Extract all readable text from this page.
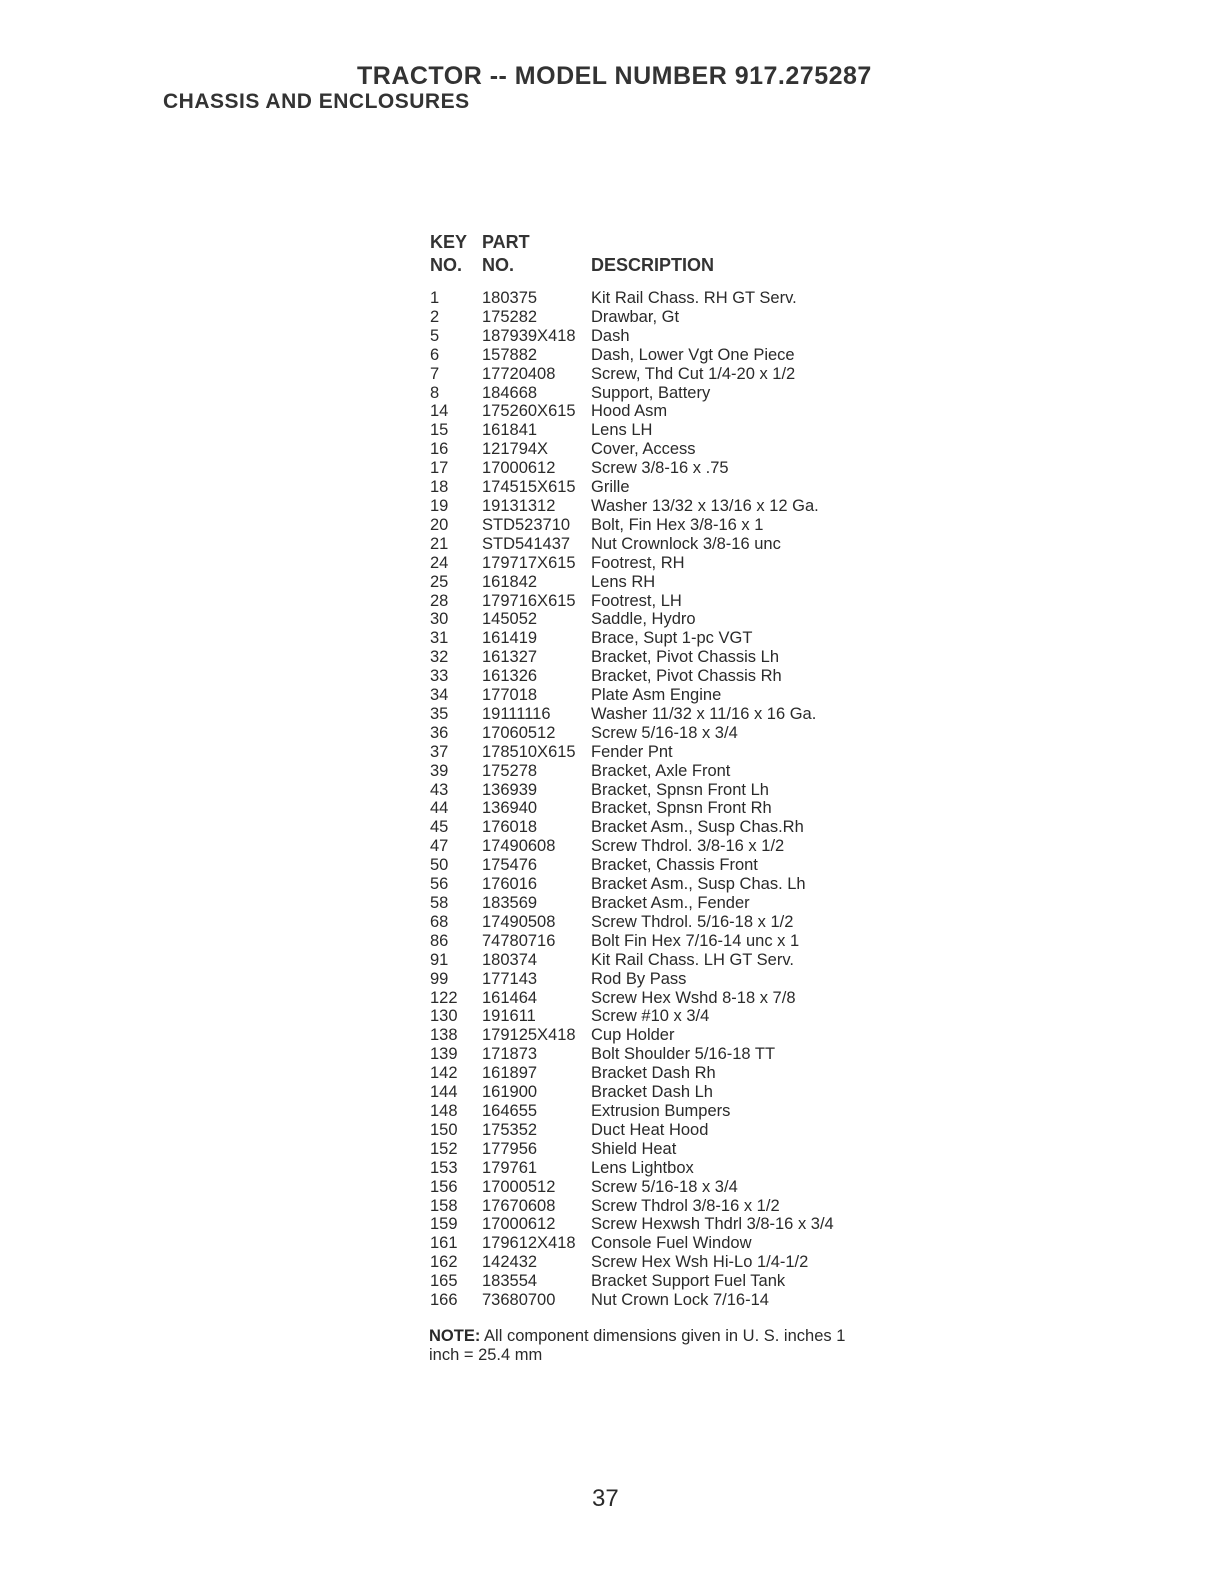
TRACTOR -- MODEL NUMBER 917.275287
CHASSIS AND ENCLOSURES
KEY
NO.
PART
NO.	DESCRIPTION
1	180375	Kit Rail Chass. RH GT Serv.
2	175282	Drawbar, Gt
5	187939X418 Dash
6	157882	Dash, Lower Vgt One Piece
7	17720408 Screw, Thd Cut 1/4-20 x 1/2
8	184668	Support, Battery
14 175260X615 Hood Asm
15 161841	Lens LH
16 121794X	Cover, Access
17 17000612 Screw 3/8-16 x .75
18 174515X615 Grille
19 19131312 Washer 13/32 x 13/16 x 12 Ga.
20 STD523710 Bolt, Fin Hex 3/8-16 x 1
21 STD541437 Nut Crownlock 3/8-16 unc
24 179717X615 Footrest, RH
25 161842	Lens RH
28 179716X615 Footrest, LH
30 145052	Saddle, Hydro
31 161419	Brace, Supt 1-pc VGT
32 161327	Bracket, Pivot Chassis Lh
33 161326	Bracket, Pivot Chassis Rh
34 177018	Plate Asm Engine
35 19111116 Washer 11/32 x 11/16 x 16 Ga.
36 17060512 Screw 5/16-18 x 3/4
37 178510X615 Fender Pnt
39 175278	Bracket, Axle Front
43 136939	Bracket, Spnsn Front Lh
44 136940	Bracket, Spnsn Front Rh
45 176018	Bracket Asm., Susp Chas.Rh
47 17490608 Screw Thdrol. 3/8-16 x 1/2
50 175476	Bracket, Chassis Front
56 176016	Bracket Asm., Susp Chas. Lh
58 183569	Bracket Asm., Fender
68 17490508 Screw Thdrol. 5/16-18 x 1/2
86 74780716 Bolt Fin Hex 7/16-14 unc x 1
91 180374	Kit Rail Chass. LH GT Serv.
99 177143	Rod By Pass
122 161464	Screw Hex Wshd 8-18 x 7/8
130 191611	Screw #10 x 3/4
138 179125X418 Cup Holder
139 171873	Bolt Shoulder 5/16-18 TT
142 161897	Bracket Dash Rh
144 161900	Bracket Dash Lh
148 164655	Extrusion Bumpers
150 175352	Duct Heat Hood
152 177956	Shield Heat
153 179761	Lens Lightbox
156 17000512 Screw 5/16-18 x 3/4
158 17670608 Screw Thdrol 3/8-16 x 1/2
159 17000612 Screw Hexwsh Thdrl 3/8-16 x 3/4
161 179612X418 Console Fuel Window
162 142432	Screw Hex Wsh Hi-Lo 1/4-1/2
165 183554	Bracket Support Fuel Tank
166 73680700 Nut Crown Lock 7/16-14
NOTE: All component dimensions given in U. S. inches 1 inch = 25.4 mm
37
